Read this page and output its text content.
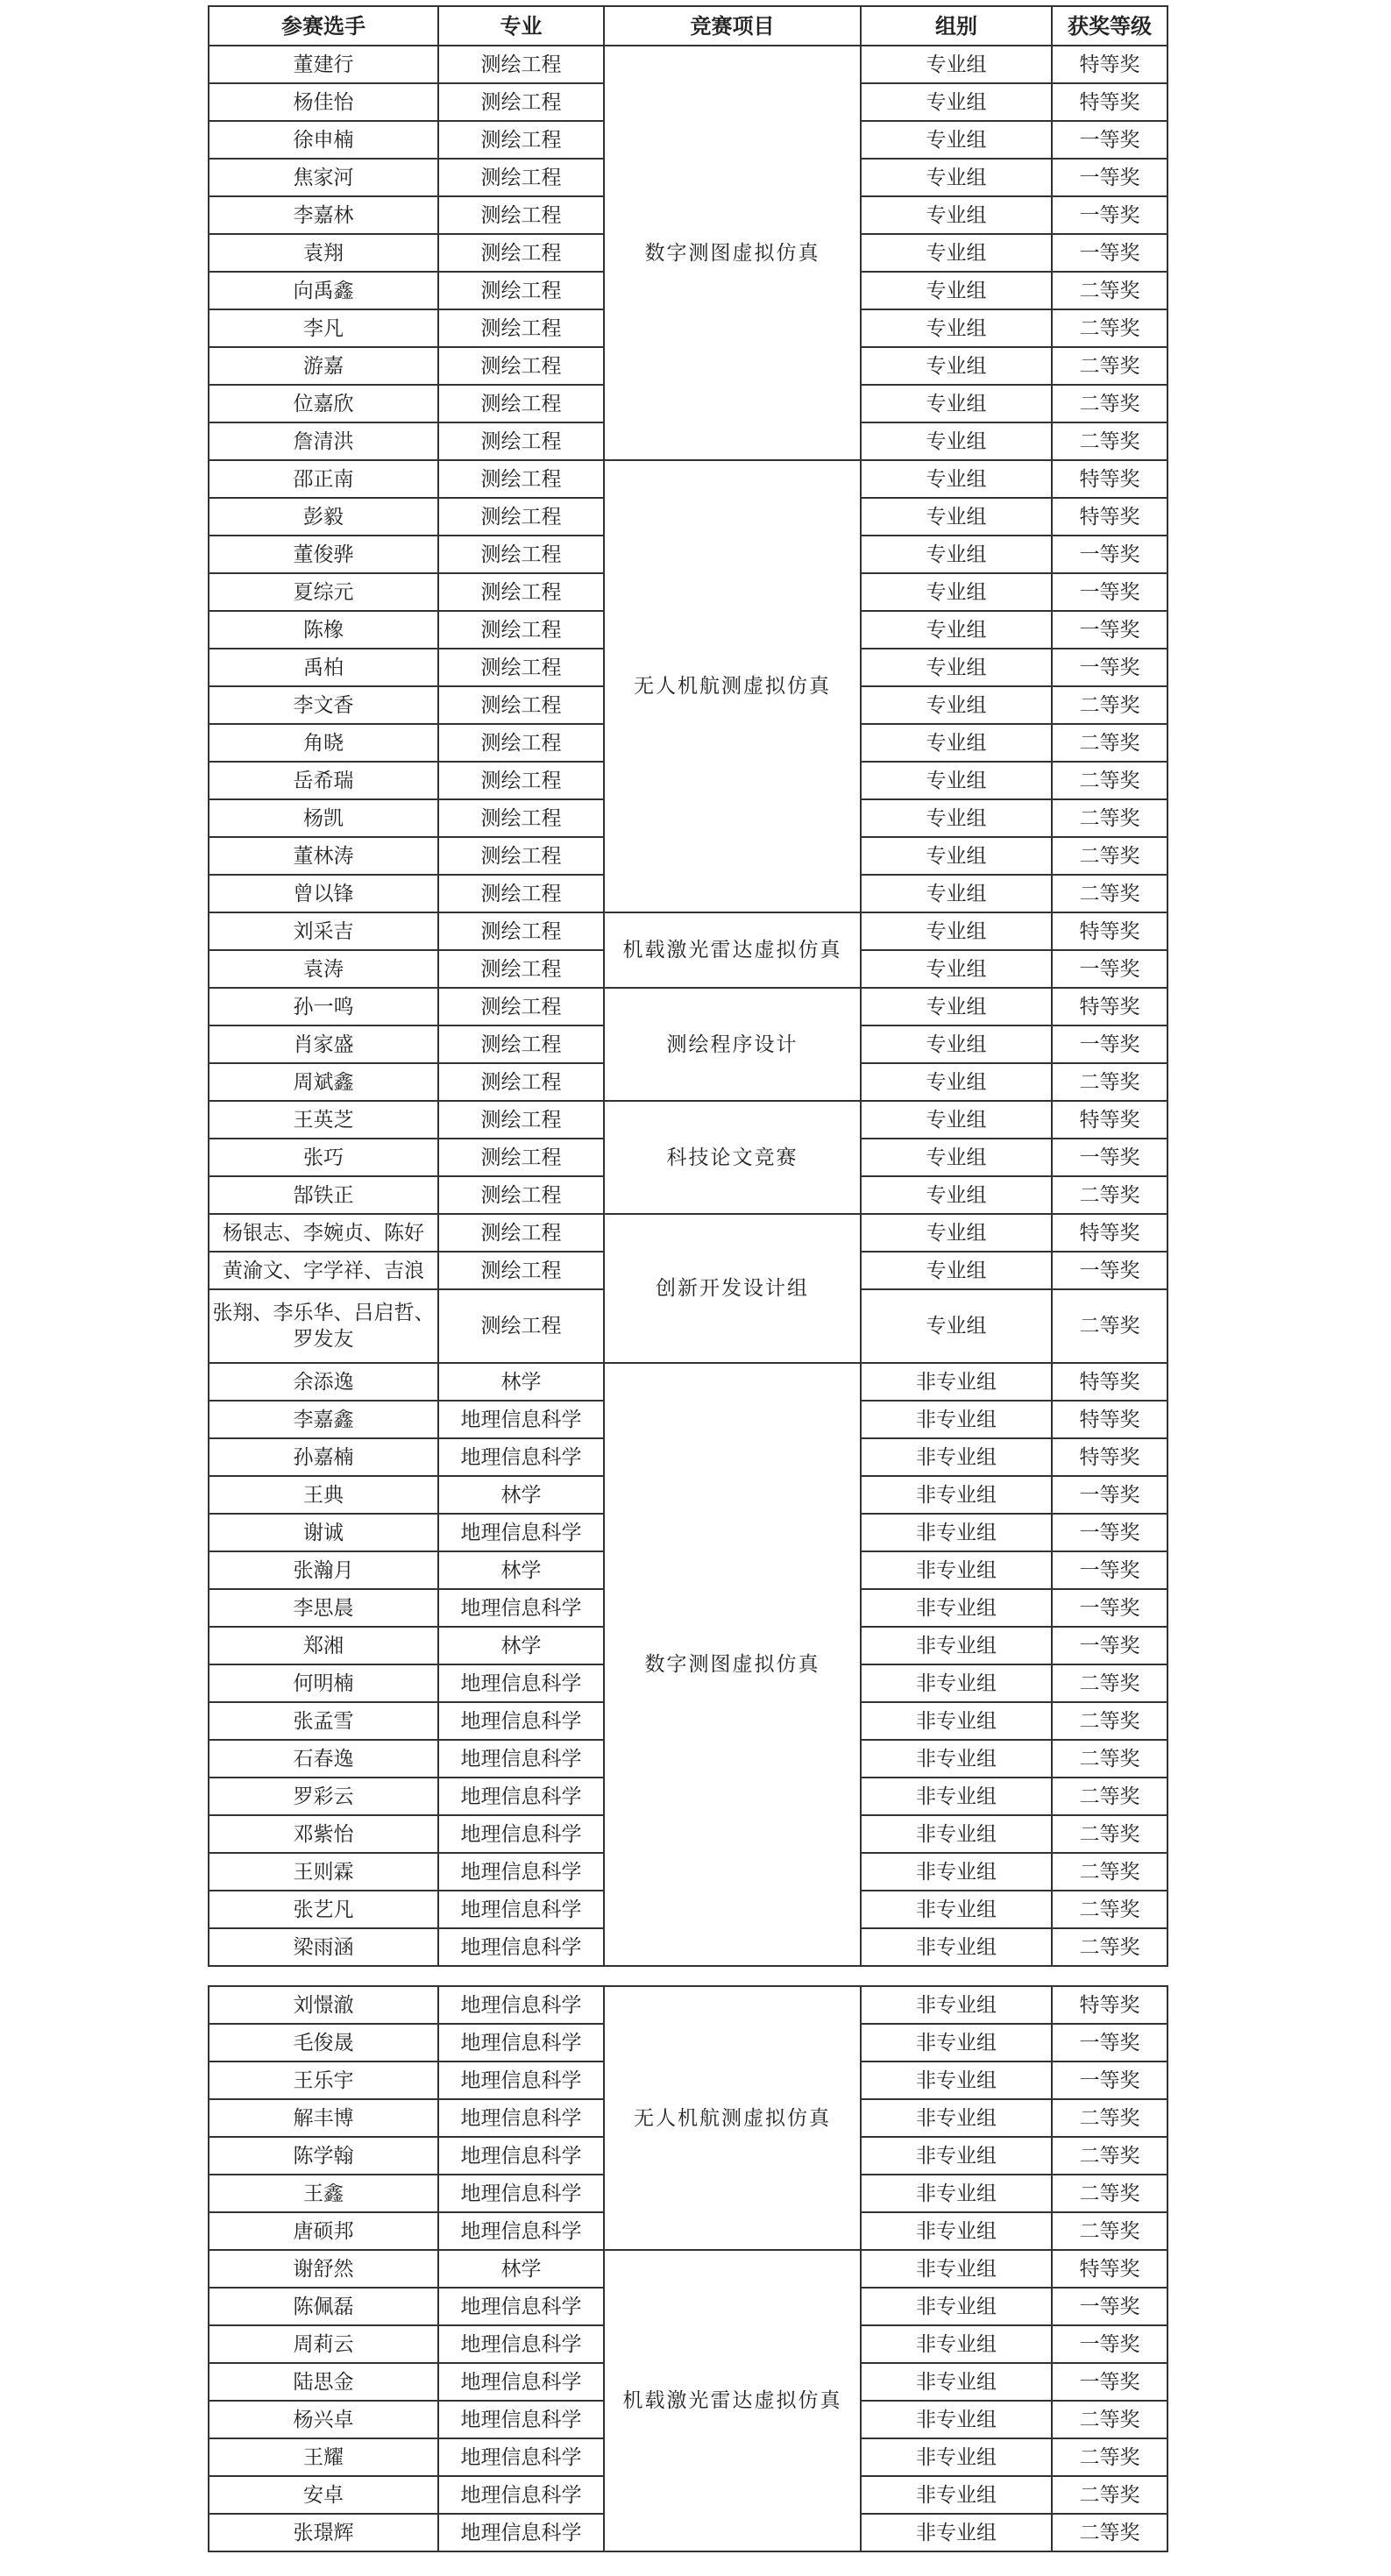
参赛选手	专业	竞赛项目	组别	获奖等级
董建行	测绘工程	数字测图虚拟仿真	专业组	特等奖
杨佳怡	测绘工程		专业组	特等奖
徐申楠	测绘工程		专业组	一等奖
焦家河	测绘工程		专业组	一等奖
李嘉林	测绘工程		专业组	一等奖
袁翔	测绘工程		专业组	一等奖
向禹鑫	测绘工程		专业组	二等奖
李凡	测绘工程		专业组	二等奖
游嘉	测绘工程		专业组	二等奖
位嘉欣	测绘工程		专业组	二等奖
詹清洪	测绘工程		专业组	二等奖
邵正南	测绘工程	无人机航测虚拟仿真	专业组	特等奖
彭毅	测绘工程		专业组	特等奖
董俊骅	测绘工程		专业组	一等奖
夏综元	测绘工程		专业组	一等奖
陈橡	测绘工程		专业组	一等奖
禹柏	测绘工程		专业组	一等奖
李文香	测绘工程		专业组	二等奖
角晓	测绘工程		专业组	二等奖
岳希瑞	测绘工程		专业组	二等奖
杨凯	测绘工程		专业组	二等奖
董林涛	测绘工程		专业组	二等奖
曾以锋	测绘工程		专业组	二等奖
刘采吉	测绘工程	机载激光雷达虚拟仿真	专业组	特等奖
袁涛	测绘工程		专业组	一等奖
孙一鸣	测绘工程	测绘程序设计	专业组	特等奖
肖家盛	测绘工程		专业组	一等奖
周斌鑫	测绘工程		专业组	二等奖
王英芝	测绘工程	科技论文竞赛	专业组	特等奖
张巧	测绘工程		专业组	一等奖
郜铁正	测绘工程		专业组	二等奖
杨银志、李婉贞、陈好	测绘工程	创新开发设计组	专业组	特等奖
黄渝文、字学祥、吉浪	测绘工程		专业组	一等奖
张翔、李乐华、吕启哲、罗发友	测绘工程		专业组	二等奖
余添逸	林学	数字测图虚拟仿真	非专业组	特等奖
李嘉鑫	地理信息科学		非专业组	特等奖
孙嘉楠	地理信息科学		非专业组	特等奖
王典	林学		非专业组	一等奖
谢诚	地理信息科学		非专业组	一等奖
张瀚月	林学		非专业组	一等奖
李思晨	地理信息科学		非专业组	一等奖
郑湘	林学		非专业组	一等奖
何明楠	地理信息科学		非专业组	二等奖
张孟雪	地理信息科学		非专业组	二等奖
石春逸	地理信息科学		非专业组	二等奖
罗彩云	地理信息科学		非专业组	二等奖
邓紫怡	地理信息科学		非专业组	二等奖
王则霖	地理信息科学		非专业组	二等奖
张艺凡	地理信息科学		非专业组	二等奖
梁雨涵	地理信息科学		非专业组	二等奖
刘憬澈	地理信息科学	无人机航测虚拟仿真	非专业组	特等奖
毛俊晟	地理信息科学		非专业组	一等奖
王乐宇	地理信息科学		非专业组	一等奖
解丰博	地理信息科学		非专业组	二等奖
陈学翰	地理信息科学		非专业组	二等奖
王鑫	地理信息科学		非专业组	二等奖
唐硕邦	地理信息科学		非专业组	二等奖
谢舒然	林学	机载激光雷达虚拟仿真	非专业组	特等奖
陈佩磊	地理信息科学		非专业组	一等奖
周莉云	地理信息科学		非专业组	一等奖
陆思金	地理信息科学		非专业组	一等奖
杨兴卓	地理信息科学		非专业组	二等奖
王耀	地理信息科学		非专业组	二等奖
安卓	地理信息科学		非专业组	二等奖
张璟辉	地理信息科学		非专业组	二等奖
